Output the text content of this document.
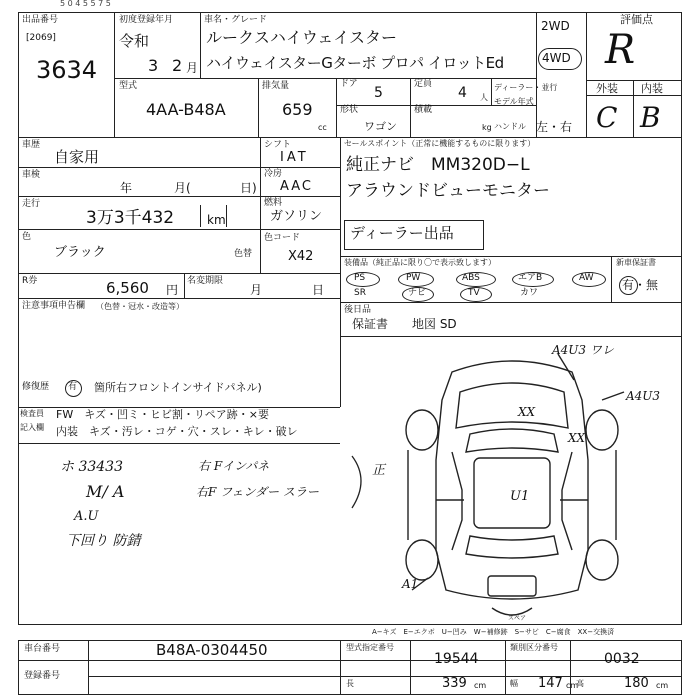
5 0 4 5 5 7 5
出品番号
[2069]
3634
初度登録年月
令和
3 2 月
車名・グレード
ルークスハイウェイスター
ハイウェイスターGターボ プロパ イロットEd
2WD
4WD
評価点
R
外装 内装
C B
型式
4AA-B48A
排気量
659
cc
ドア
5
定員
4 人
ディーラー・並行
形状
ワゴン
積載
kg
モデル年式
ハンドル 左・右
車歴
自家用
車検
年	月(	日)
走行
3万3千432	km
色
ブラック	色替
R券	6,560 円
名変期限
月	日
シフト
IAT
冷房
AAC
燃料
ガソリン
色コード
X42
セールスポイント（正常に機能するものに限ります）
純正ナビ　MM320D−L
アラウンドビューモニター
ディーラー出品
装備品（純正品に限り〇で表示致します）
PS	PW	ABS	エアB	AW
SR	ナビ	TV	カワ
新車保証書
有・無
後日品
保証書　　地図 SD
注意事項申告欄 （色替・冠水・改造等）
修復歴 有 箇所右フロントインサイドパネル)
検査員
記入欄
FW　キズ・凹ミ・ヒビ割・リペア跡・×要
内装　キズ・汚レ・コゲ・穴・スレ・キレ・破レ
ホ 33433
M/ A
A.U
下回り 防錆
右 Fインパネ
右F フェンダー スラー
正
A4U3 ワレ
A4U3
XX
XX
U1
A1
スペア
A−キズ　E−エクボ　U−凹み　W−補修跡　S−サビ　C−腐食　XX−交換済
車台番号	B48A-0304450
登録番号
型式指定番号
19544
類別区分番号
0032
長	339 cm	幅 147 cm
高	180 cm
